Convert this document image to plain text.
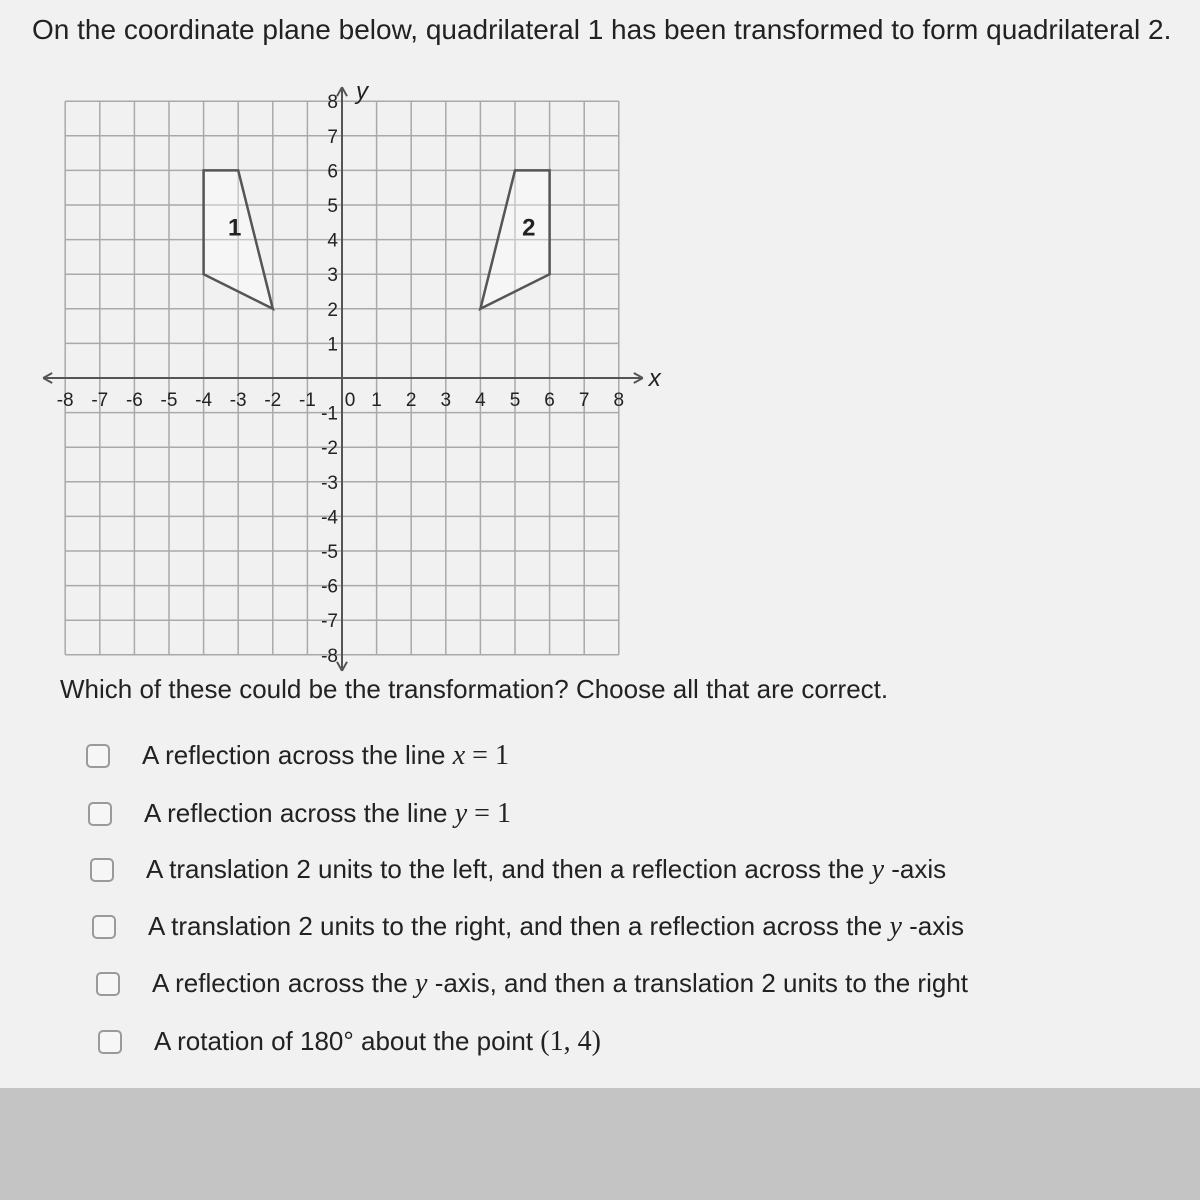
On the coordinate plane below, quadrilateral 1 has been transformed to form quadrilateral 2.
x
y
-8 -7 -6 -5 -4 -3 -2 -1 0 1 2 3 4 5 6 7 8
8
7
6
5
4
3
2
1
-1
-2
-3
-4
-5
-6
-7
-8
1	2
Which of these could be the transformation? Choose all that are correct.
A reflection across the line x = 1
A reflection across the line y = 1
A translation 2 units to the left, and then a reflection across the y -axis
A translation 2 units to the right, and then a reflection across the y -axis
A reflection across the y -axis, and then a translation 2 units to the right
A rotation of 180° about the point (1, 4)
